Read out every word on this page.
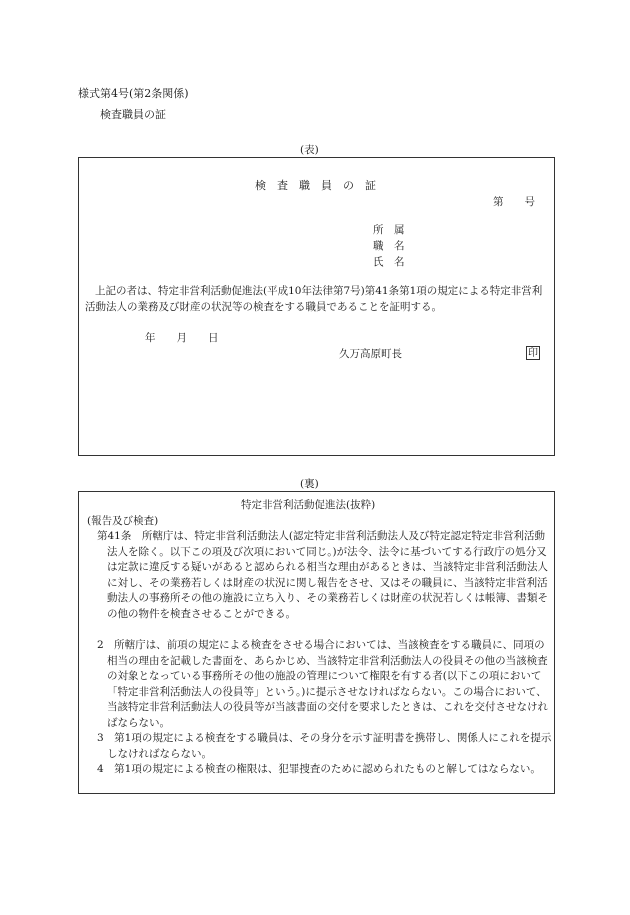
様式第4号(第2条関係)
検査職員の証
(表)
検　査　職　員　の　証
第　　号
所　属
職　名
氏　名
上記の者は、特定非営利活動促進法(平成10年法律第7号)第41条第1項の規定による特定非営利活動法人の業務及び財産の状況等の検査をする職員であることを証明する。
年　　月　　日
久万高原町長	印
(裏)
特定非営利活動促進法(抜粋)
(報告及び検査)
第41条　所轄庁は、特定非営利活動法人(認定特定非営利活動法人及び特定認定特定非営利活動法人を除く。以下この項及び次項において同じ。)が法令、法令に基づいてする行政庁の処分又は定款に違反する疑いがあると認められる相当な理由があるときは、当該特定非営利活動法人に対し、その業務若しくは財産の状況に関し報告をさせ、又はその職員に、当該特定非営利活動法人の事務所その他の施設に立ち入り、その業務若しくは財産の状況若しくは帳簿、書類その他の物件を検査させることができる。
2　所轄庁は、前項の規定による検査をさせる場合においては、当該検査をする職員に、同項の相当の理由を記載した書面を、あらかじめ、当該特定非営利活動法人の役員その他の当該検査の対象となっている事務所その他の施設の管理について権限を有する者(以下この項において「特定非営利活動法人の役員等」という。)に提示させなければならない。この場合において、当該特定非営利活動法人の役員等が当該書面の交付を要求したときは、これを交付させなければならない。
3　第1項の規定による検査をする職員は、その身分を示す証明書を携帯し、関係人にこれを提示しなければならない。
4　第1項の規定による検査の権限は、犯罪捜査のために認められたものと解してはならない。
